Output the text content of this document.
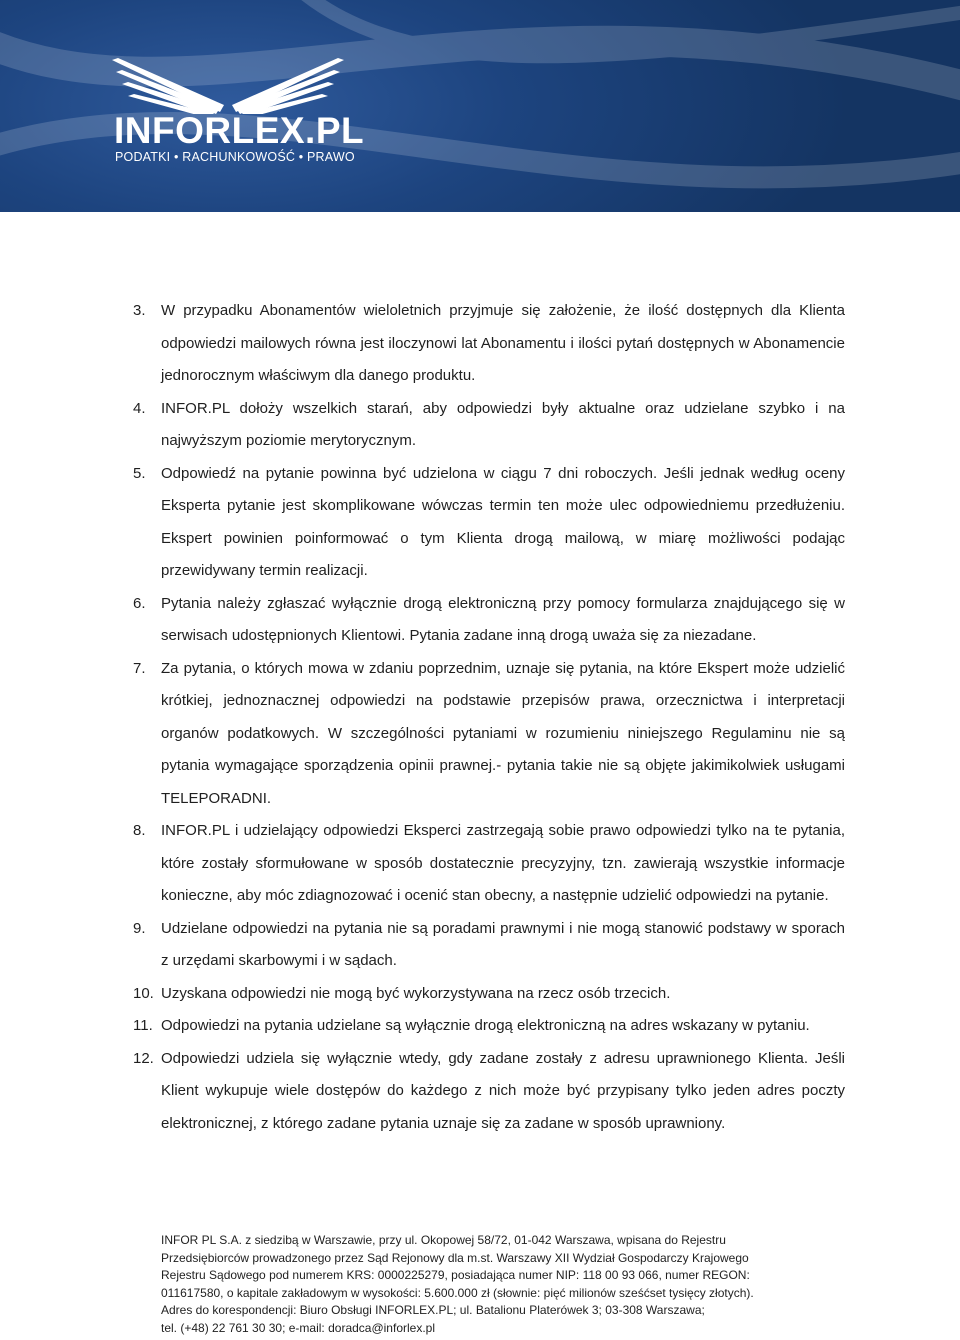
INFORLEX.PL
PODATKI • RACHUNKOWOŚĆ • PRAWO
3.	W przypadku Abonamentów wieloletnich przyjmuje się założenie, że ilość dostępnych dla Klienta odpowiedzi mailowych równa jest iloczynowi lat Abonamentu i ilości pytań dostępnych w Abonamencie jednorocznym właściwym dla danego produktu.
4.	INFOR.PL dołoży wszelkich starań, aby odpowiedzi były aktualne oraz udzielane szybko i na najwyższym poziomie merytorycznym.
5.	Odpowiedź na pytanie powinna być udzielona w ciągu 7 dni roboczych. Jeśli jednak według oceny Eksperta pytanie jest skomplikowane wówczas termin ten może ulec odpowiedniemu przedłużeniu. Ekspert powinien poinformować o tym Klienta drogą mailową, w miarę możliwości podając przewidywany termin realizacji.
6.	Pytania należy zgłaszać wyłącznie drogą elektroniczną przy pomocy formularza znajdującego się w serwisach udostępnionych Klientowi. Pytania zadane inną drogą uważa się za niezadane.
7.	Za pytania, o których mowa w zdaniu poprzednim, uznaje się pytania, na które Ekspert może udzielić krótkiej, jednoznacznej odpowiedzi na podstawie przepisów prawa, orzecznictwa i interpretacji organów podatkowych. W szczególności pytaniami w rozumieniu niniejszego Regulaminu nie są pytania wymagające sporządzenia opinii prawnej.- pytania takie nie są objęte jakimikolwiek usługami TELEPORADNI.
8.	INFOR.PL i udzielający odpowiedzi Eksperci zastrzegają sobie prawo odpowiedzi tylko na te pytania, które zostały sformułowane w sposób dostatecznie precyzyjny, tzn. zawierają wszystkie informacje konieczne, aby móc zdiagnozować i ocenić stan obecny, a następnie udzielić odpowiedzi na pytanie.
9.	Udzielane odpowiedzi na pytania nie są poradami prawnymi i nie mogą stanowić podstawy w sporach z urzędami skarbowymi i w sądach.
10. Uzyskana odpowiedzi nie mogą być wykorzystywana na rzecz osób trzecich.
11. Odpowiedzi na pytania udzielane są wyłącznie drogą elektroniczną na adres wskazany w pytaniu.
12. Odpowiedzi udziela się wyłącznie wtedy, gdy zadane zostały z adresu uprawnionego Klienta. Jeśli Klient wykupuje wiele dostępów do każdego z nich może być przypisany tylko jeden adres poczty elektronicznej, z którego zadane pytania uznaje się za zadane w sposób uprawniony.
INFOR PL S.A. z siedzibą w Warszawie, przy ul. Okopowej 58/72, 01-042 Warszawa, wpisana do Rejestru
Przedsiębiorców prowadzonego przez Sąd Rejonowy dla m.st. Warszawy XII Wydział Gospodarczy Krajowego
Rejestru Sądowego pod numerem KRS: 0000225279, posiadająca numer NIP: 118 00 93 066, numer REGON:
011617580, o kapitale zakładowym w wysokości: 5.600.000 zł (słownie: pięć milionów sześćset tysięcy złotych).
Adres do korespondencji: Biuro Obsługi INFORLEX.PL; ul. Batalionu Platerówek 3; 03-308 Warszawa;
tel. (+48) 22 761 30 30; e-mail: doradca@inforlex.pl
